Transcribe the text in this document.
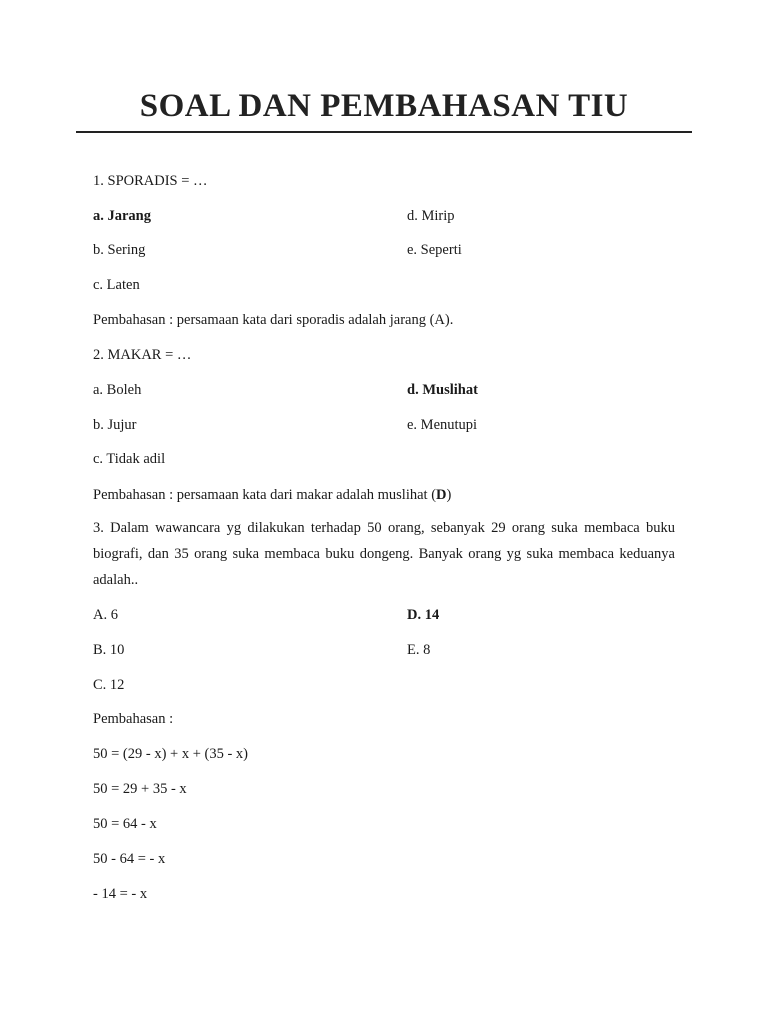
SOAL DAN PEMBAHASAN TIU
1. SPORADIS = …
a. Jarang	d. Mirip
b. Sering	e. Seperti
c. Laten
Pembahasan : persamaan kata dari sporadis adalah jarang (A).
2. MAKAR = …
a. Boleh	d. Muslihat
b. Jujur	e. Menutupi
c. Tidak adil
Pembahasan : persamaan kata dari makar adalah muslihat (D)
3. Dalam wawancara yg dilakukan terhadap 50 orang, sebanyak 29 orang suka membaca buku biografi, dan 35 orang suka membaca buku dongeng. Banyak orang yg suka membaca keduanya adalah..
A. 6	D. 14
B. 10	E. 8
C. 12
Pembahasan :
50 = (29 - x) + x + (35 - x)
50 = 29 + 35 - x
50 = 64 - x
50 - 64 = - x
- 14 = - x
